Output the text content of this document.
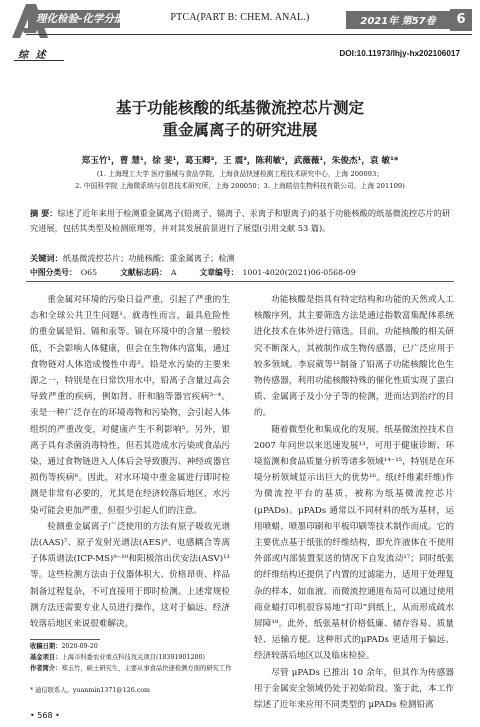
理化检验-化学分册	PTCA(PART B: CHEM. ANAL.)	2021年 第57卷	6
综 述	DOI:10.11973/lhjy-hx202106017
基于功能核酸的纸基微流控芯片测定
重金属离子的研究进展
郑玉竹¹，曹 慧¹，徐 斐¹，葛玉卿²，王 震³，陈莉敏¹，武薇薇¹，朱俊杰¹，袁 敏¹*
(1. 上海理工大学 医疗器械与食品学院，上海食品快速检测工程技术研究中心，上海 200093；
2. 中国科学院 上海微系统与信息技术研究所，上海 200050；3. 上海皓信生物科技有限公司，上海 201109)
摘 要：综述了近年来用于检测重金属离子(铅离子、镉离子、汞离子和银离子)的基于功能核酸的纸基微流控芯片的研究进展，包括其类型及检测原理等，并对其发展前景进行了展望(引用文献 53 篇)。
关键词：纸基微流控芯片；功能核酸；重金属离子；检测
中图分类号： O65	文献标志码： A	文章编号： 1001-4020(2021)06-0568-09

重金属对环境的污染日益严重，引起了严重的生态和全球公共卫生问题¹。就毒性而言，最具危险性的重金属是铅、镉和汞等。镉在环境中的含量一般较低，不会影响人体健康，但会在生物体内富集，通过食物链对人体造成慢性中毒²。铅是水污染的主要来源之一，特别是在日常饮用水中，铅离子含量过高会导致严重的疾病，例如肾、肝和脑等器官疾病³⁻⁴。汞是一种广泛存在的环境毒物和污染物，会引起人体组织的严重改变，对健康产生不利影响⁵。另外，银离子具有杀菌消毒特性，但若其造成水污染或食品污染，通过食物链进入人体后会导致腹泻、神经或器官损伤等疾病⁶。因此，对水环境中重金属进行即时检测是非常有必要的，尤其是在经济较落后地区，水污染可能会更加严重，但很少引起人们的注意。

检测重金属离子广泛使用的方法有原子吸收光谱法(AAS)⁷、原子发射光谱法(AES)⁸、电感耦合等离子体质谱法(ICP-MS)⁹⁻¹⁰和阳极溶出伏安法(ASV)¹¹等。这些检测方法由于仪器体积大、价格昂贵、样品制备过程复杂，不可直接用于即时检测。上述常规检测方法还需要专业人员进行操作，这对于偏远、经济较落后地区来说很难解决。

功能核酸是指具有特定结构和功能的天然或人工核酸序列，其主要筛选方法是通过指数富集配体系统进化技术在体外进行筛选。目前，功能核酸的相关研究不断深入，其被制作成生物传感器，已广泛应用于较多领域。李宸葳等¹²制备了铅离子功能核酸比色生物传感器，利用功能核酸特殊的催化性质实现了蛋白质、金属离子及小分子等的检测，进而达到治疗的目的。

随着微型化和集成化的发展，纸基微流控技术自 2007 年问世以来迅速发展¹³，可用于健康诊断、环境监测和食品质量分析等诸多领域¹⁴⁻¹⁵，特别是在环境分析领域显示出巨大的优势¹⁶。纸(纤维素纤维)作为微流控平台的基质，被称为纸基微流控芯片(μPADs)。μPADs 通常以不同材料的纸为基材，运用喷蜡、喷墨印刷和平板印刷等技术制作而成。它的主要优点基于纸张的纤维结构，即允许液体在不使用外部或内部装置泵送的情况下自发流动¹⁷；同时纸张的纤维结构还提供了内置的过滤能力，适用于处理复杂的样本，如血液。而微流控通道布局可以通过使用商业蜡打印机很容易地“打印”到纸上，从而形成疏水屏障¹⁸。此外，纸张基材价格低廉、储存容易、质量轻、运输方便。这种形式的μPADs 更适用于偏远、经济较落后地区以及临床检验。

尽管 μPADs 已推出 10 余年，但其作为传感器用于金属安全领域仍处于初始阶段。鉴于此，本工作综述了近年来应用不同类型的 μPADs 检测铅离

收稿日期：2020-09-20
基金项目：上海市科委农业重点科技攻关项目(18391901200)
作者简介：郑玉竹，硕士研究生，主要从事食品快速检测方面的研究工作
* 通信联系人。yuanmin1371@126.com
• 568 •
